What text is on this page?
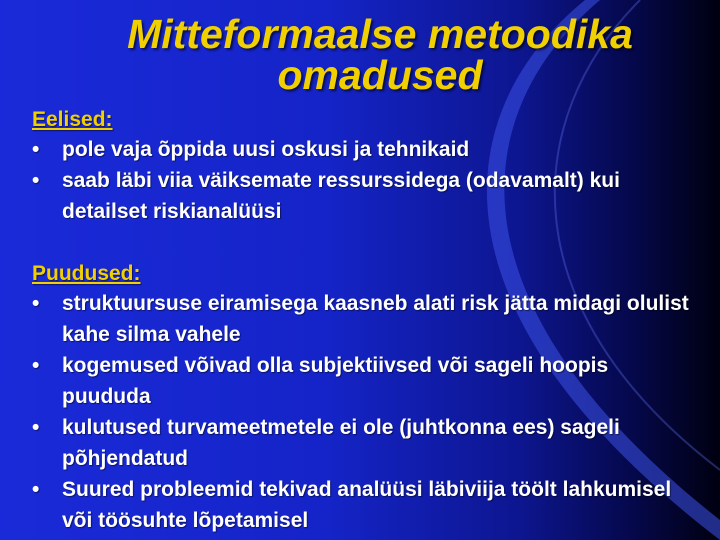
Mitteformaalse metoodika
omadused
Eelised:
• pole vaja õppida uusi oskusi ja tehnikaid
• saab läbi viia väiksemate ressurssidega (odavamalt) kui detailset riskianalüüsi
Puudused:
• struktuursuse eiramisega kaasneb alati risk jätta midagi olulist kahe silma vahele
• kogemused võivad olla subjektiivsed või sageli hoopis puududa
• kulutused turvameetmetele ei ole (juhtkonna ees) sageli põhjendatud
• Suured probleemid tekivad analüüsi läbiviija töölt lahkumisel või töösuhte lõpetamisel
